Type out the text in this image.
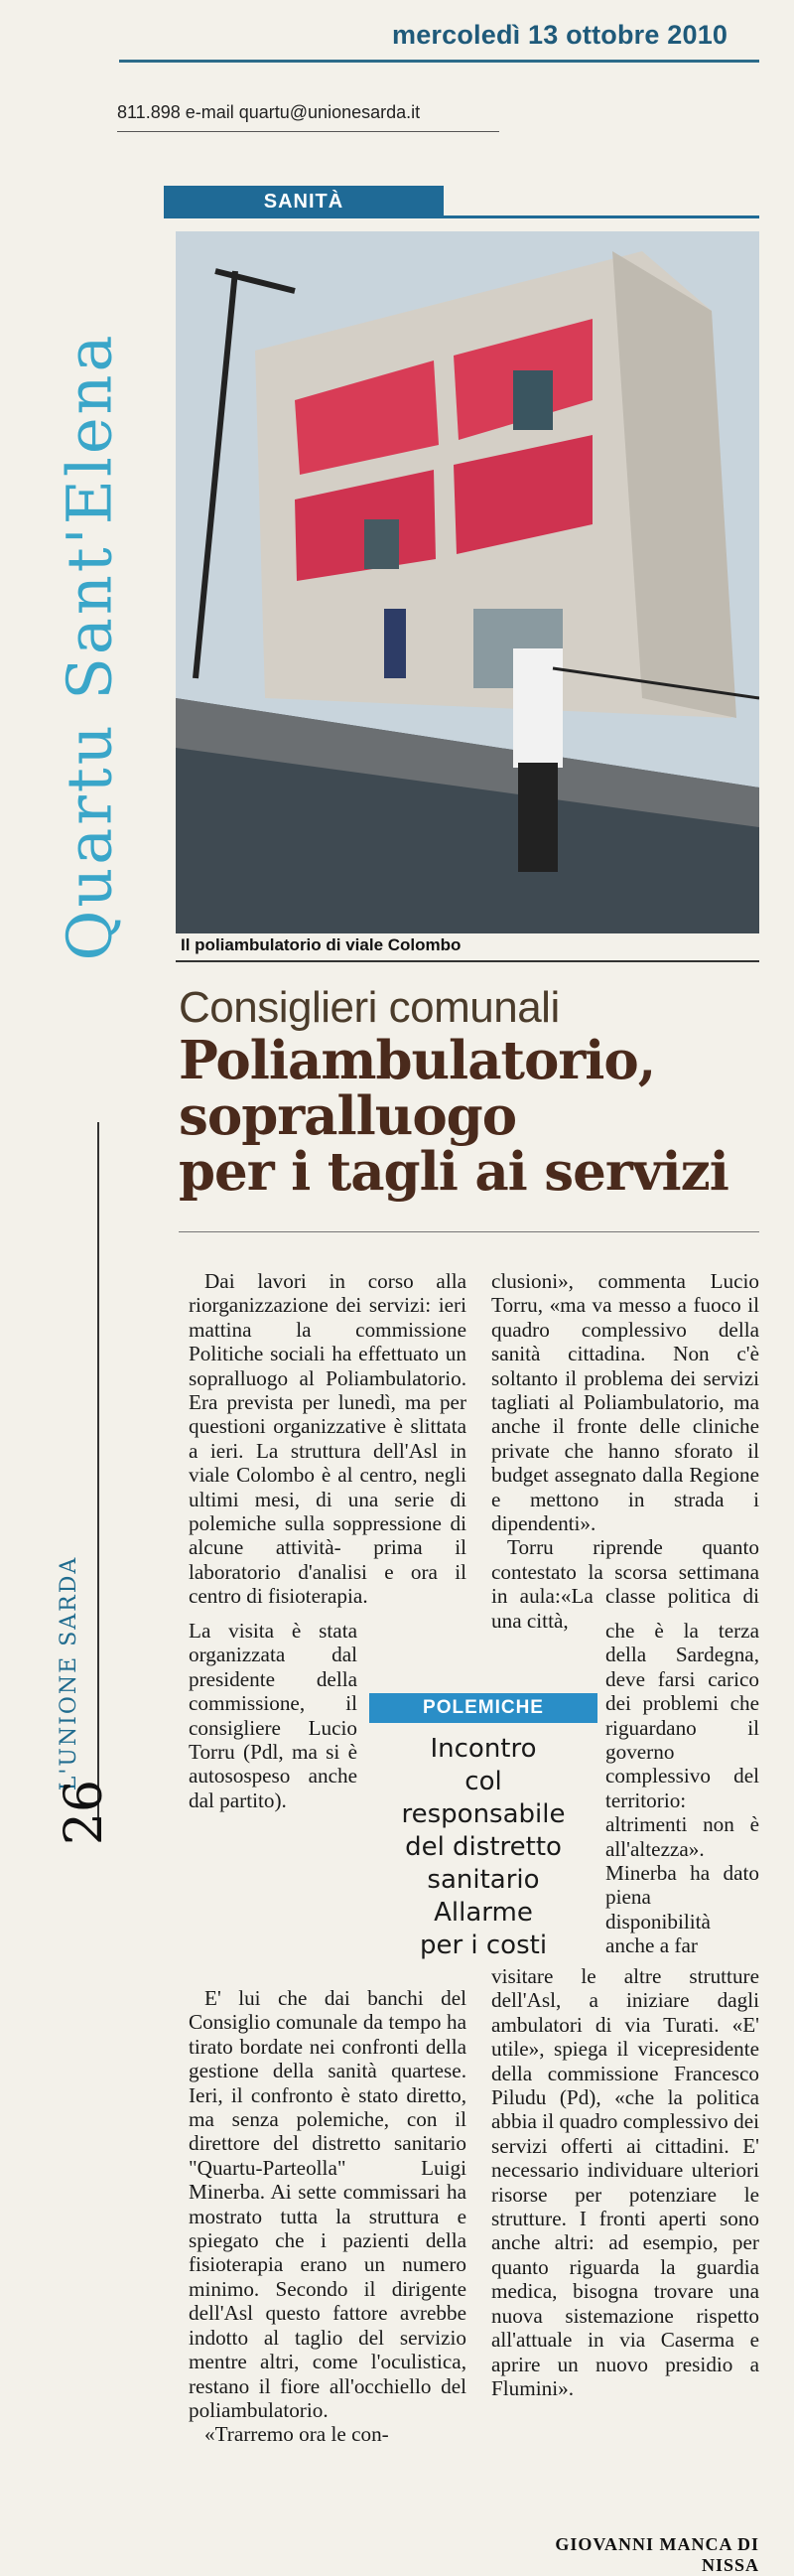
mercoledì 13 ottobre 2010
811.898 e-mail quartu@unionesarda.it
Quartu Sant'Elena
L'UNIONE SARDA
26
SANITÀ
Il poliambulatorio di viale Colombo
Consiglieri comunali
Poliambulatorio,
sopralluogo
per i tagli ai servizi

Dai lavori in corso alla riorganizzazione dei servizi: ieri mattina la commissione Politiche sociali ha effettuato un sopralluogo al Poliambulatorio. Era prevista per lunedì, ma per questioni organizzative è slittata a ieri. La struttura dell'Asl in viale Colombo è al centro, negli ultimi mesi, di una serie di polemiche sulla soppressione di alcune attività- prima il laboratorio d'analisi e ora il centro di fisioterapia.

La visita è stata organizzata dal presidente della commissione, il consigliere Lucio Torru (Pdl, ma si è autosospeso anche dal partito).

E' lui che dai banchi del Consiglio comunale da tempo ha tirato bordate nei confronti della gestione della sanità quartese. Ieri, il confronto è stato diretto, ma senza polemiche, con il direttore del distretto sanitario "Quartu-Parteolla" Luigi Minerba. Ai sette commissari ha mostrato tutta la struttura e spiegato che i pazienti della fisioterapia erano un numero minimo. Secondo il dirigente dell'Asl questo fattore avrebbe indotto al taglio del servizio mentre altri, come l'oculistica, restano il fiore all'occhiello del poliambulatorio.

«Trarremo ora le con-

clusioni», commenta Lucio Torru, «ma va messo a fuoco il quadro complessivo della sanità cittadina. Non c'è soltanto il problema dei servizi tagliati al Poliambulatorio, ma anche il fronte delle cliniche private che hanno sforato il budget assegnato dalla Regione e mettono in strada i dipendenti».

Torru riprende quanto contestato la scorsa settimana in aula:«La classe politica di una città,	che è la terza della Sardegna, deve farsi carico dei problemi che riguardano il governo complessivo del territorio: altrimenti non è all'altezza». Minerba ha dato piena disponibilità anche a far

visitare le altre strutture dell'Asl, a iniziare dagli ambulatori di via Turati. «E' utile», spiega il vicepresidente della commissione Francesco Piludu (Pd), «che la politica abbia il quadro complessivo dei servizi offerti ai cittadini. E' necessario individuare ulteriori risorse per potenziare le strutture. I fronti aperti sono anche altri: ad esempio, per quanto riguarda la guardia medica, bisogna trovare una nuova sistemazione rispetto all'attuale in via Caserma e aprire un nuovo presidio a Flumini».

POLEMICHE
Incontro
col
responsabile
del distretto
sanitario
Allarme
per i costi
GIOVANNI MANCA DI NISSA
